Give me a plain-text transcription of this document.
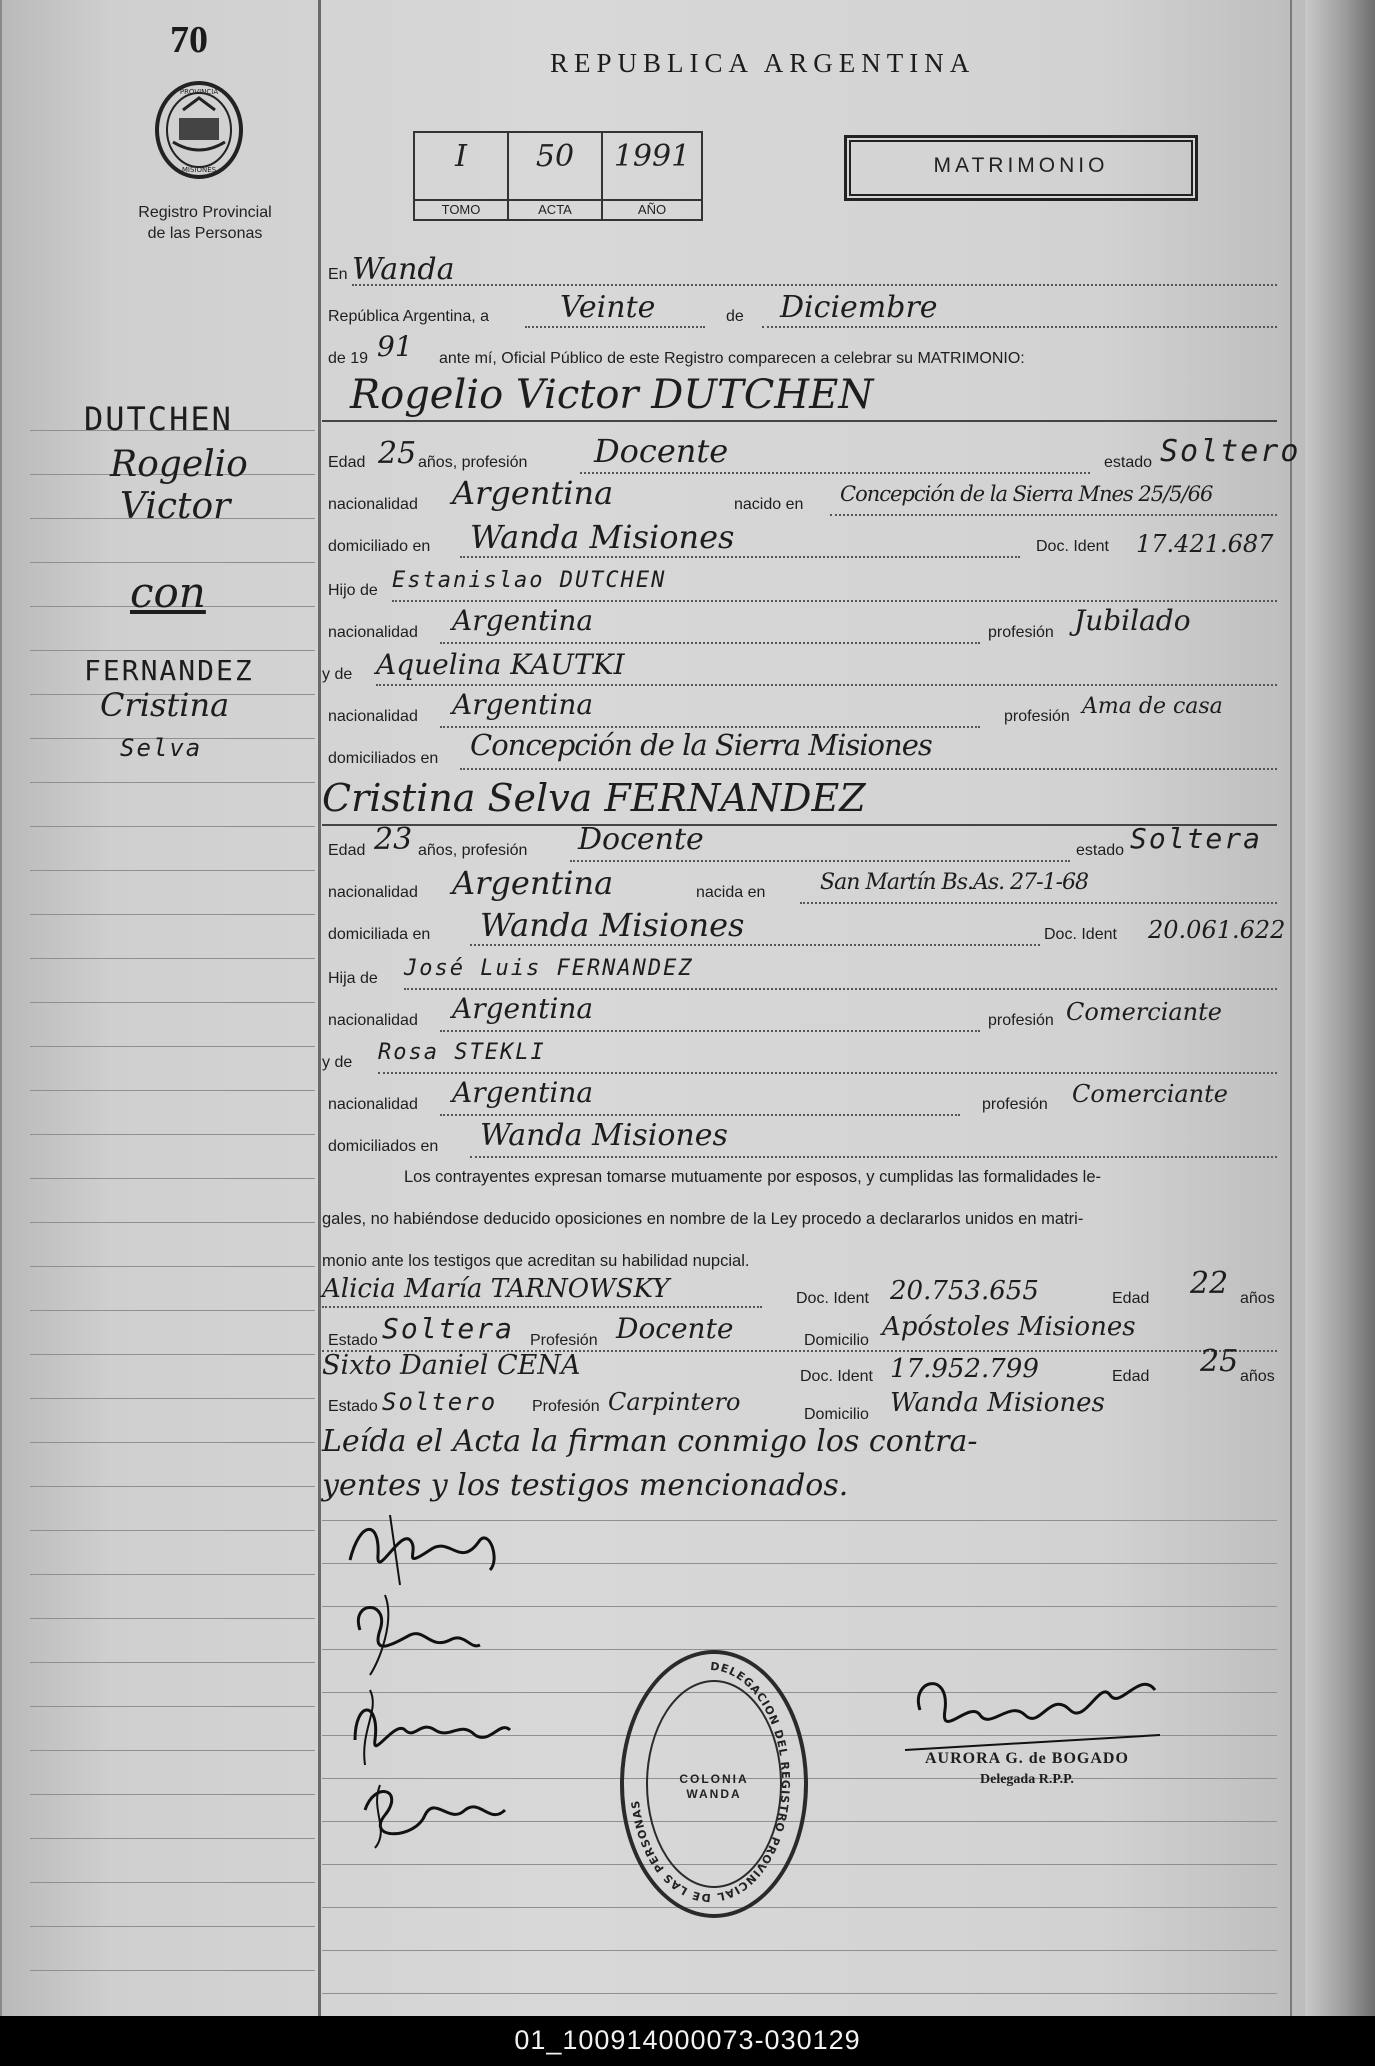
70
PROVINCIA
MISIONES
Registro Provincial
de las Personas
REPUBLICA ARGENTINA
I
TOMO
50
ACTA
1991
AÑO
MATRIMONIO
En Wanda
República Argentina, a Veinte	de Diciembre
de 19 91 ante mí, Oficial Público de este Registro comparecen a celebrar su MATRIMONIO:
Rogelio Victor DUTCHEN
Edad 25 años, profesión Docente	estado Soltero
nacionalidad Argentina	nacido en Concepción de la Sierra Mnes 25/5/66
domiciliado en Wanda Misiones	Doc. Ident 17.421.687
Hijo de Estanislao DUTCHEN
nacionalidad Argentina	profesión Jubilado
y de Aquelina KAUTKI
nacionalidad Argentina	profesión Ama de casa
domiciliados en Concepción de la Sierra Misiones
Cristina Selva FERNANDEZ
Edad 23 años, profesión Docente	estado Soltera
nacionalidad Argentina	nacida en San Martín Bs.As. 27-1-68
domiciliada en Wanda Misiones	Doc. Ident 20.061.622
Hija de José Luis FERNANDEZ
nacionalidad Argentina	profesión Comerciante
y de Rosa STEKLI
nacionalidad Argentina	profesión Comerciante
domiciliados en Wanda Misiones
Los contrayentes expresan tomarse mutuamente por esposos, y cumplidas las formalidades le-
gales, no habiéndose deducido oposiciones en nombre de la Ley procedo a declararlos unidos en matri-
monio ante los testigos que acreditan su habilidad nupcial.
Alicia María TARNOWSKY	Doc. Ident 20.753.655	Edad 22 años
Estado Soltera Profesión Docente	Domicilio Apóstoles Misiones
Sixto Daniel CENA	Doc. Ident 17.952.799	Edad 25 años
Estado Soltero Profesión Carpintero	Domicilio Wanda Misiones
Leída el Acta la firman conmigo los contra-
yentes y los testigos mencionados.
DELEGACION DEL REGISTRO PROVINCIAL DE LAS PERSONAS
COLONIA WANDA
AURORA G. de BOGADO
Delegada R.P.P.
DUTCHEN
Rogelio
Victor
con
FERNANDEZ
Cristina
Selva
01_100914000073-030129
